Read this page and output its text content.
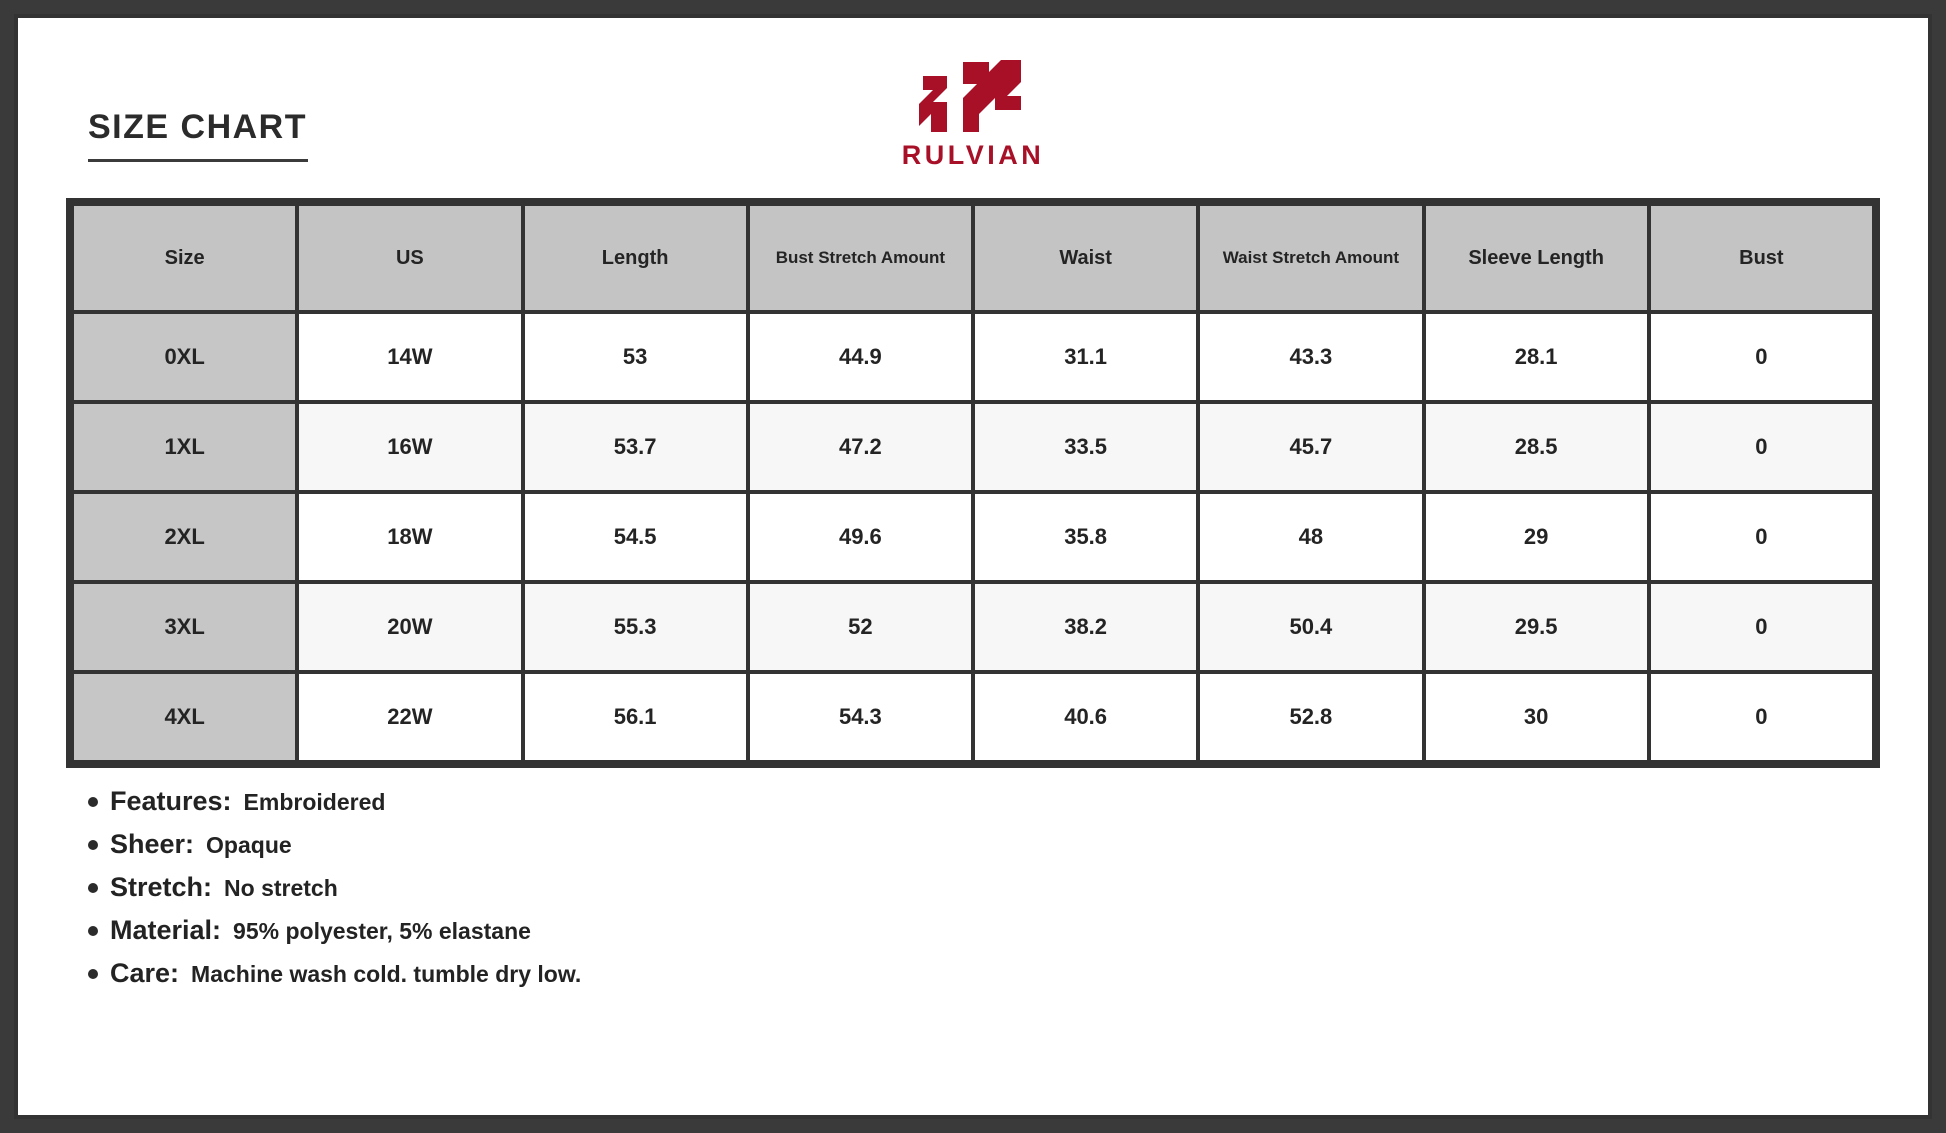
SIZE CHART
RULVIAN
Size	US	Length	Bust Stretch Amount	Waist	Waist Stretch Amount	Sleeve Length	Bust
0XL	14W	53	44.9	31.1	43.3	28.1	0
1XL	16W	53.7	47.2	33.5	45.7	28.5	0
2XL	18W	54.5	49.6	35.8	48	29	0
3XL	20W	55.3	52	38.2	50.4	29.5	0
4XL	22W	56.1	54.3	40.6	52.8	30	0
Features: Embroidered
Sheer: Opaque
Stretch: No stretch
Material: 95% polyester, 5% elastane
Care: Machine wash cold. tumble dry low.
